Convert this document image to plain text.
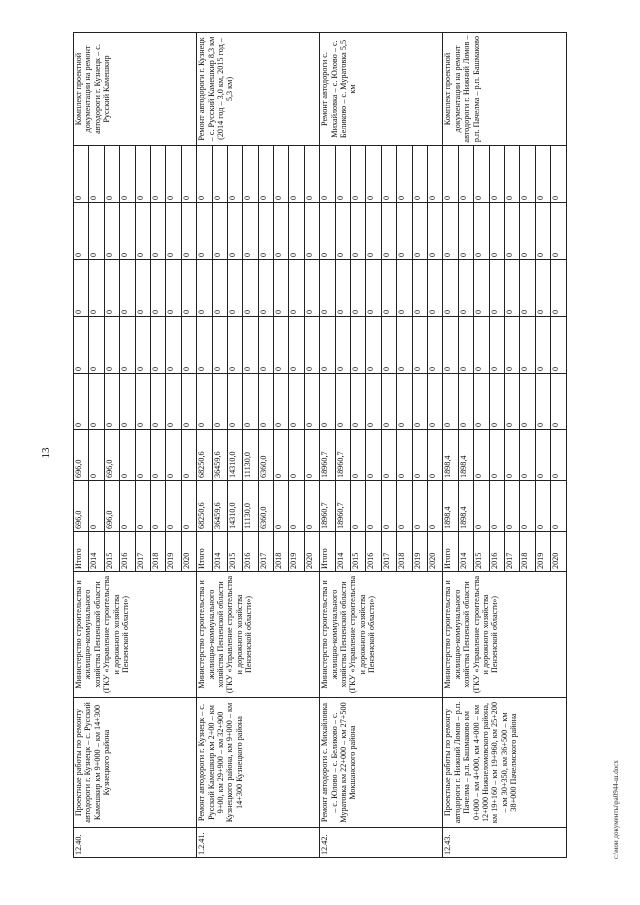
13
12.40.	Проектные работы по ремонту автодороги г. Кузнецк – с. Русский Камешкир км 9+000 – км 14+300 Кузнецкого района	Министерство строительства и жилищно-коммунального хозяйства Пензенской области (ГКУ «Управление строительства и дорожного хозяйства Пензенской области»)	Итого	696,0	696,0	0	0	0	0	0	Комплект проектной документации на ремонт автодороги г. Кузнецк – с. Русский Камешкир
			2014	0	0	0	0	0	0	0	
			2015	696,0	696,0	0	0	0	0	0	
			2016	0	0	0	0	0	0	0	
			2017	0	0	0	0	0	0	0	
			2018	0	0	0	0	0	0	0	
			2019	0	0	0	0	0	0	0	
			2020	0	0	0	0	0	0	0	
1.2.41.	Ремонт автодороги г. Кузнецк – с. Русский Камешкир км 2+00 – км 9+00, км 29+900 – км 32+900 Кузнецкого района, км 9+000 – км 14+300 Кузнецкого района	Министерство строительства и жилищно-коммунального хозяйства Пензенской области (ГКУ «Управление строительства и дорожного хозяйства Пензенской области»)	Итого	68250,6	68250,6	0	0	0	0	0	Ремонт автодороги г. Кузнецк – с. Русский Камешкир 8,3 км (2014 год – 3,0 км, 2015 год – 5,3 км)
			2014	36459,6	36459,6	0	0	0	0	0	
			2015	14310,0	14310,0	0	0	0	0	0	
			2016	11130,0	11130,0	0	0	0	0	0	
			2017	6360,0	6360,0	0	0	0	0	0	
			2018	0	0	0	0	0	0	0	
			2019	0	0	0	0	0	0	0	
			2020	0	0	0	0	0	0	0	
12.42.	Ремонт автодороги с. Михайловка – с. Юлово – с. Беликово – с. Муратовка км 22+000 – км 27+500 Мокшанского района	Министерство строительства и жилищно-коммунального хозяйства Пензенской области (ГКУ «Управление строительства и дорожного хозяйства Пензенской области»)	Итого	18960,7	18960,7	0	0	0	0	0	Ремонт автодороги с. Михайловка – с. Юлово – с. Беликово – с. Муратовка 5,5 км
			2014	18960,7	18960,7	0	0	0	0	0	
			2015	0	0	0	0	0	0	0	
			2016	0	0	0	0	0	0	0	
			2017	0	0	0	0	0	0	0	
			2018	0	0	0	0	0	0	0	
			2019	0	0	0	0	0	0	0	
			2020	0	0	0	0	0	0	0	
12.43.	Проектные работы по ремонту автодороги г. Нижний Ломов – р.п. Пачелма – р.п. Башмаково км 0+000 – км 4+000, км 4+000 – км 12+000 Нижнеломовского района, км 19+160 – км 19+960, км 25+200 – км 30+350, км 36+500 – км 38+000 Пачелмского района	Министерство строительства и жилищно-коммунального хозяйства Пензенской области (ГКУ «Управление строительства и дорожного хозяйства Пензенской области»)	Итого	1898,4	1898,4	0	0	0	0	0	Комплект проектной документации на ремонт автодороги г. Нижний Ломов – р.п. Пачелма – р.п. Башмаково
			2014	1898,4	1898,4	0	0	0	0	0	
			2015	0	0	0	0	0	0	0	
			2016	0	0	0	0	0	0	0	
			2017	0	0	0	0	0	0	0	
			2018	0	0	0	0	0	0	0	
			2019	0	0	0	0	0	0	0	
			2020	0	0	0	0	0	0	0	
c:\мои документы\ра0944-ш.docx
